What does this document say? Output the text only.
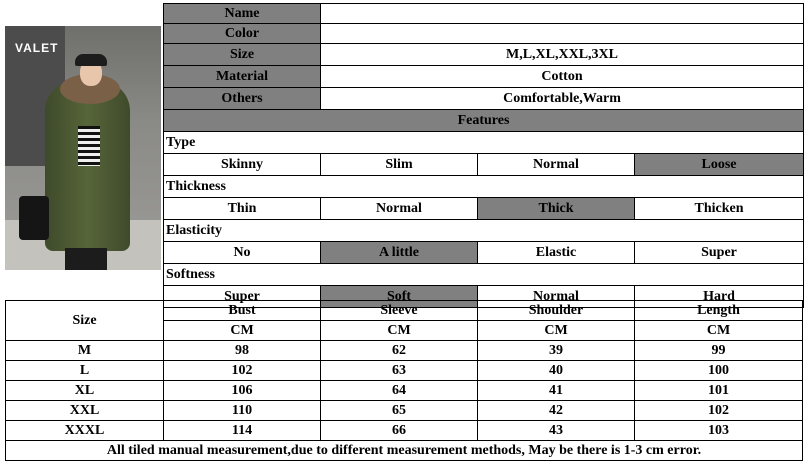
VALET
Name			
Color			
Size	M,L,XL,XXL,3XL		
Material	Cotton		
Others	Comfortable,Warm		
Features			
Type			
Skinny	Slim	Normal	Loose
Thickness			
Thin	Normal	Thick	Thicken
Elasticity			
No	A little	Elastic	Super
Softness			
Super	Soft	Normal	Hard
Size	Bust	Sleeve	Shoulder	Length
	CM	CM	CM	CM
M	98	62	39	99
L	102	63	40	100
XL	106	64	41	101
XXL	110	65	42	102
XXXL	114	66	43	103
All tiled manual measurement,due to different measurement methods, May be there is 1-3 cm error.				
